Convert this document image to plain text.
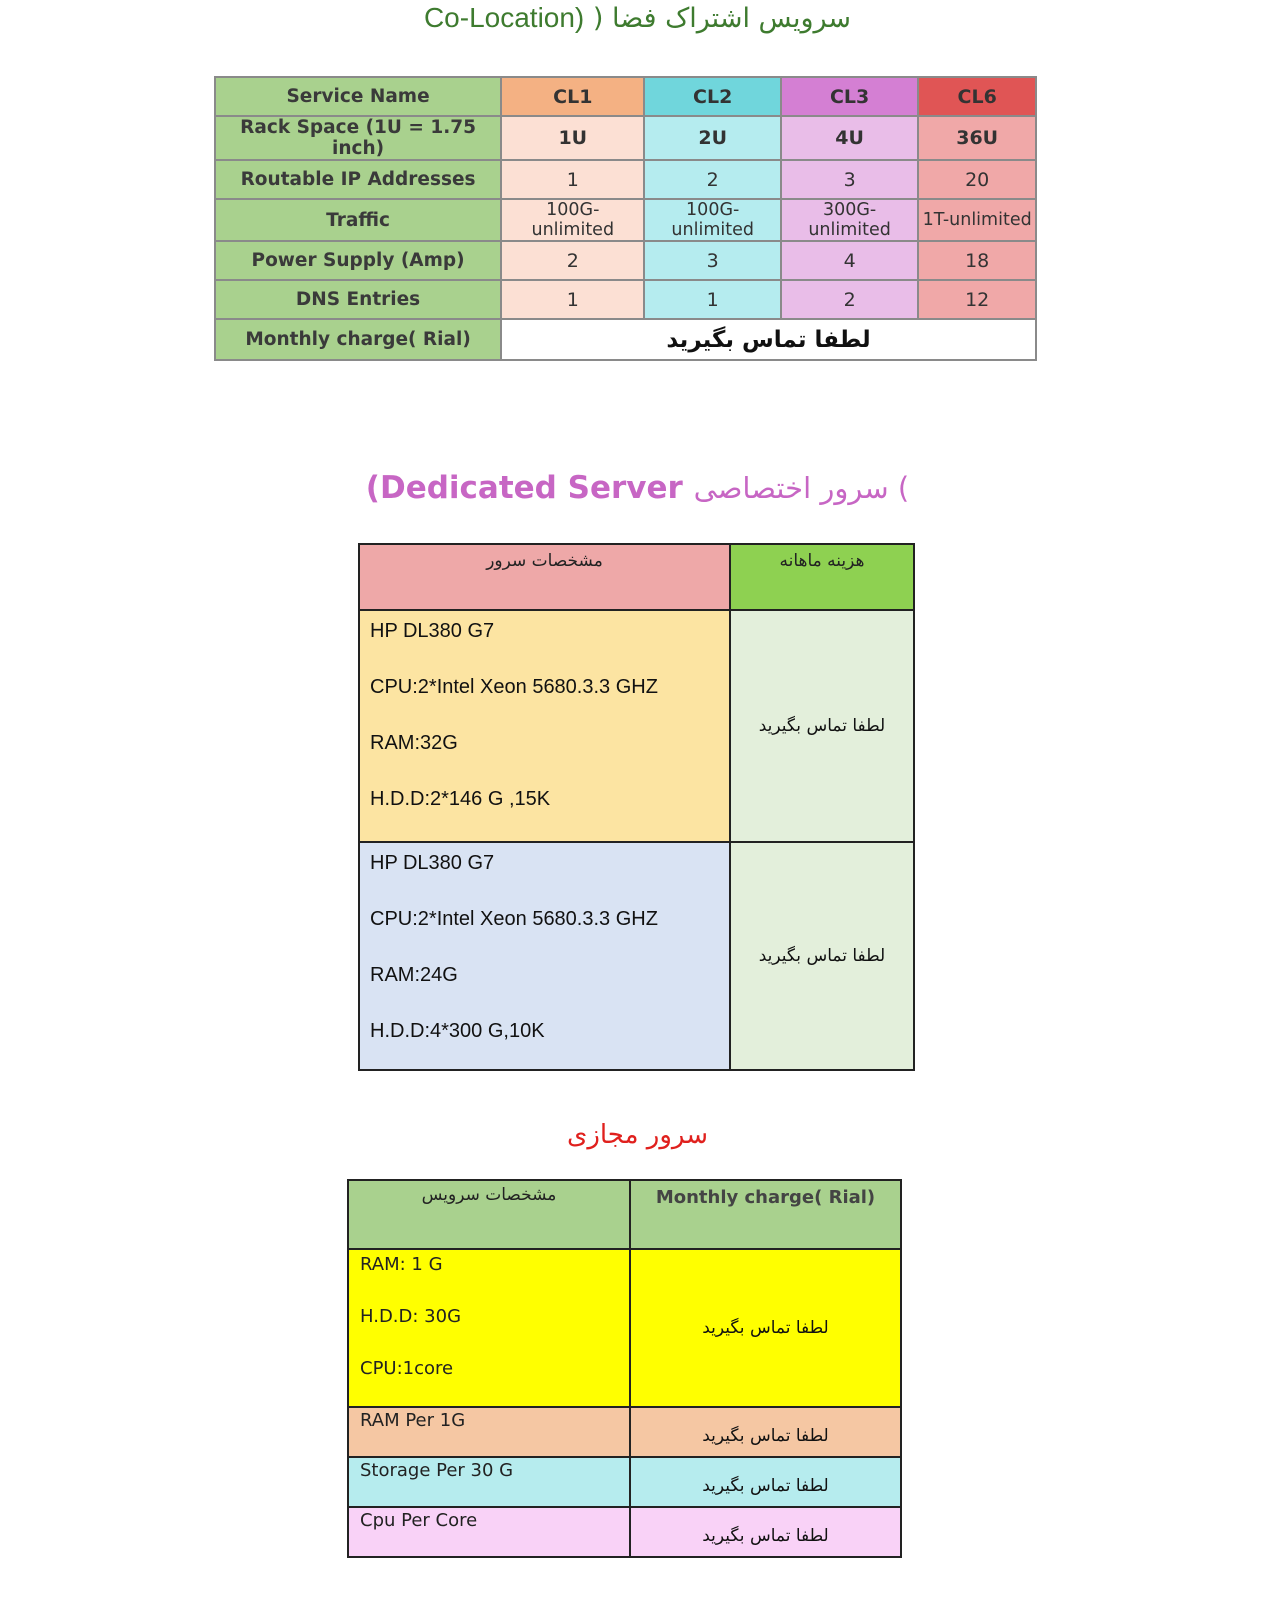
Co-Location) سرویس اشتراک فضا (
Service Name	CL1	CL2	CL3	CL6
Rack Space (1U = 1.75 inch)	1U	2U	4U	36U
Routable IP Addresses	1	2	3	20
Traffic	100G- unlimited	100G-unlimited	300G-unlimited	1T-unlimited
Power Supply (Amp)	2	3	4	18
DNS Entries	1	1	2	12
Monthly charge( Rial)	لطفا تماس بگیرید			
(Dedicated Server ) سرور اختصاصی
مشخصات سرور	هزینه ماهانه

HP DL380 G7
CPU:2*Intel Xeon 5680.3.3 GHZ
RAM:32G
H.D.D:2*146 G ,15K	لطفا تماس بگیرید

HP DL380 G7
CPU:2*Intel Xeon 5680.3.3 GHZ
RAM:24G
H.D.D:4*300 G,10K	لطفا تماس بگیرید
سرور مجازی
مشخصات سرویس	Monthly charge( Rial)

RAM: 1 G
H.D.D: 30G
CPU:1core	لطفا تماس بگیرید
RAM Per 1G	لطفا تماس بگیرید
Storage Per 30 G	لطفا تماس بگیرید
Cpu Per Core	لطفا تماس بگیرید
